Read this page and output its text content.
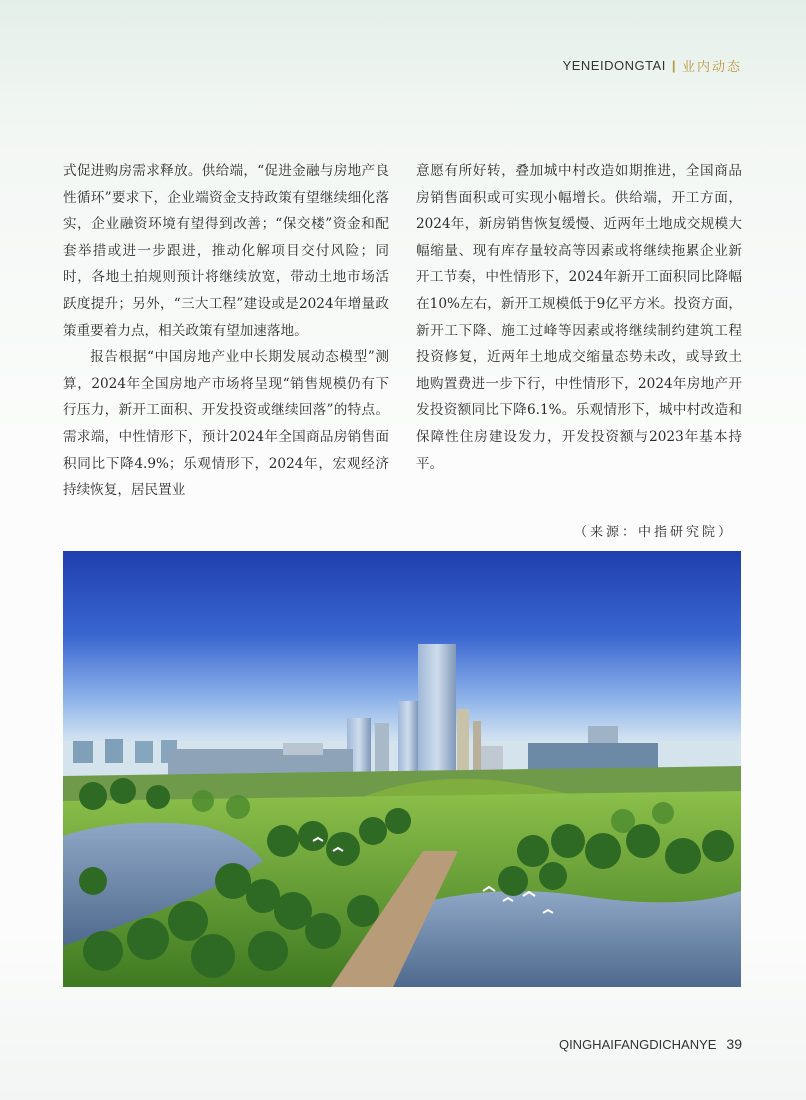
YENEIDONGTAI | 业内动态

式促进购房需求释放。供给端，“促进金融与房地产良性循环”要求下，企业端资金支持政策有望继续细化落实，企业融资环境有望得到改善；“保交楼”资金和配套举措或进一步跟进，推动化解项目交付风险；同时，各地土拍规则预计将继续放宽，带动土地市场活跃度提升；另外，“三大工程”建设或是2024年增量政策重要着力点，相关政策有望加速落地。

报告根据“中国房地产业中长期发展动态模型”测算，2024年全国房地产市场将呈现“销售规模仍有下行压力，新开工面积、开发投资或继续回落”的特点。需求端，中性情形下，预计2024年全国商品房销售面积同比下降4.9%；乐观情形下，2024年，宏观经济持续恢复，居民置业

意愿有所好转，叠加城中村改造如期推进，全国商品房销售面积或可实现小幅增长。供给端，开工方面，2024年，新房销售恢复缓慢、近两年土地成交规模大幅缩量、现有库存量较高等因素或将继续拖累企业新开工节奏，中性情形下，2024年新开工面积同比降幅在10%左右，新开工规模低于9亿平方米。投资方面，新开工下降、施工过峰等因素或将继续制约建筑工程投资修复，近两年土地成交缩量态势未改，或导致土地购置费进一步下行，中性情形下，2024年房地产开发投资额同比下降6.1%。乐观情形下，城中村改造和保障性住房建设发力，开发投资额与2023年基本持平。

（来源：中指研究院）
QINGHAIFANGDICHANYE 39
